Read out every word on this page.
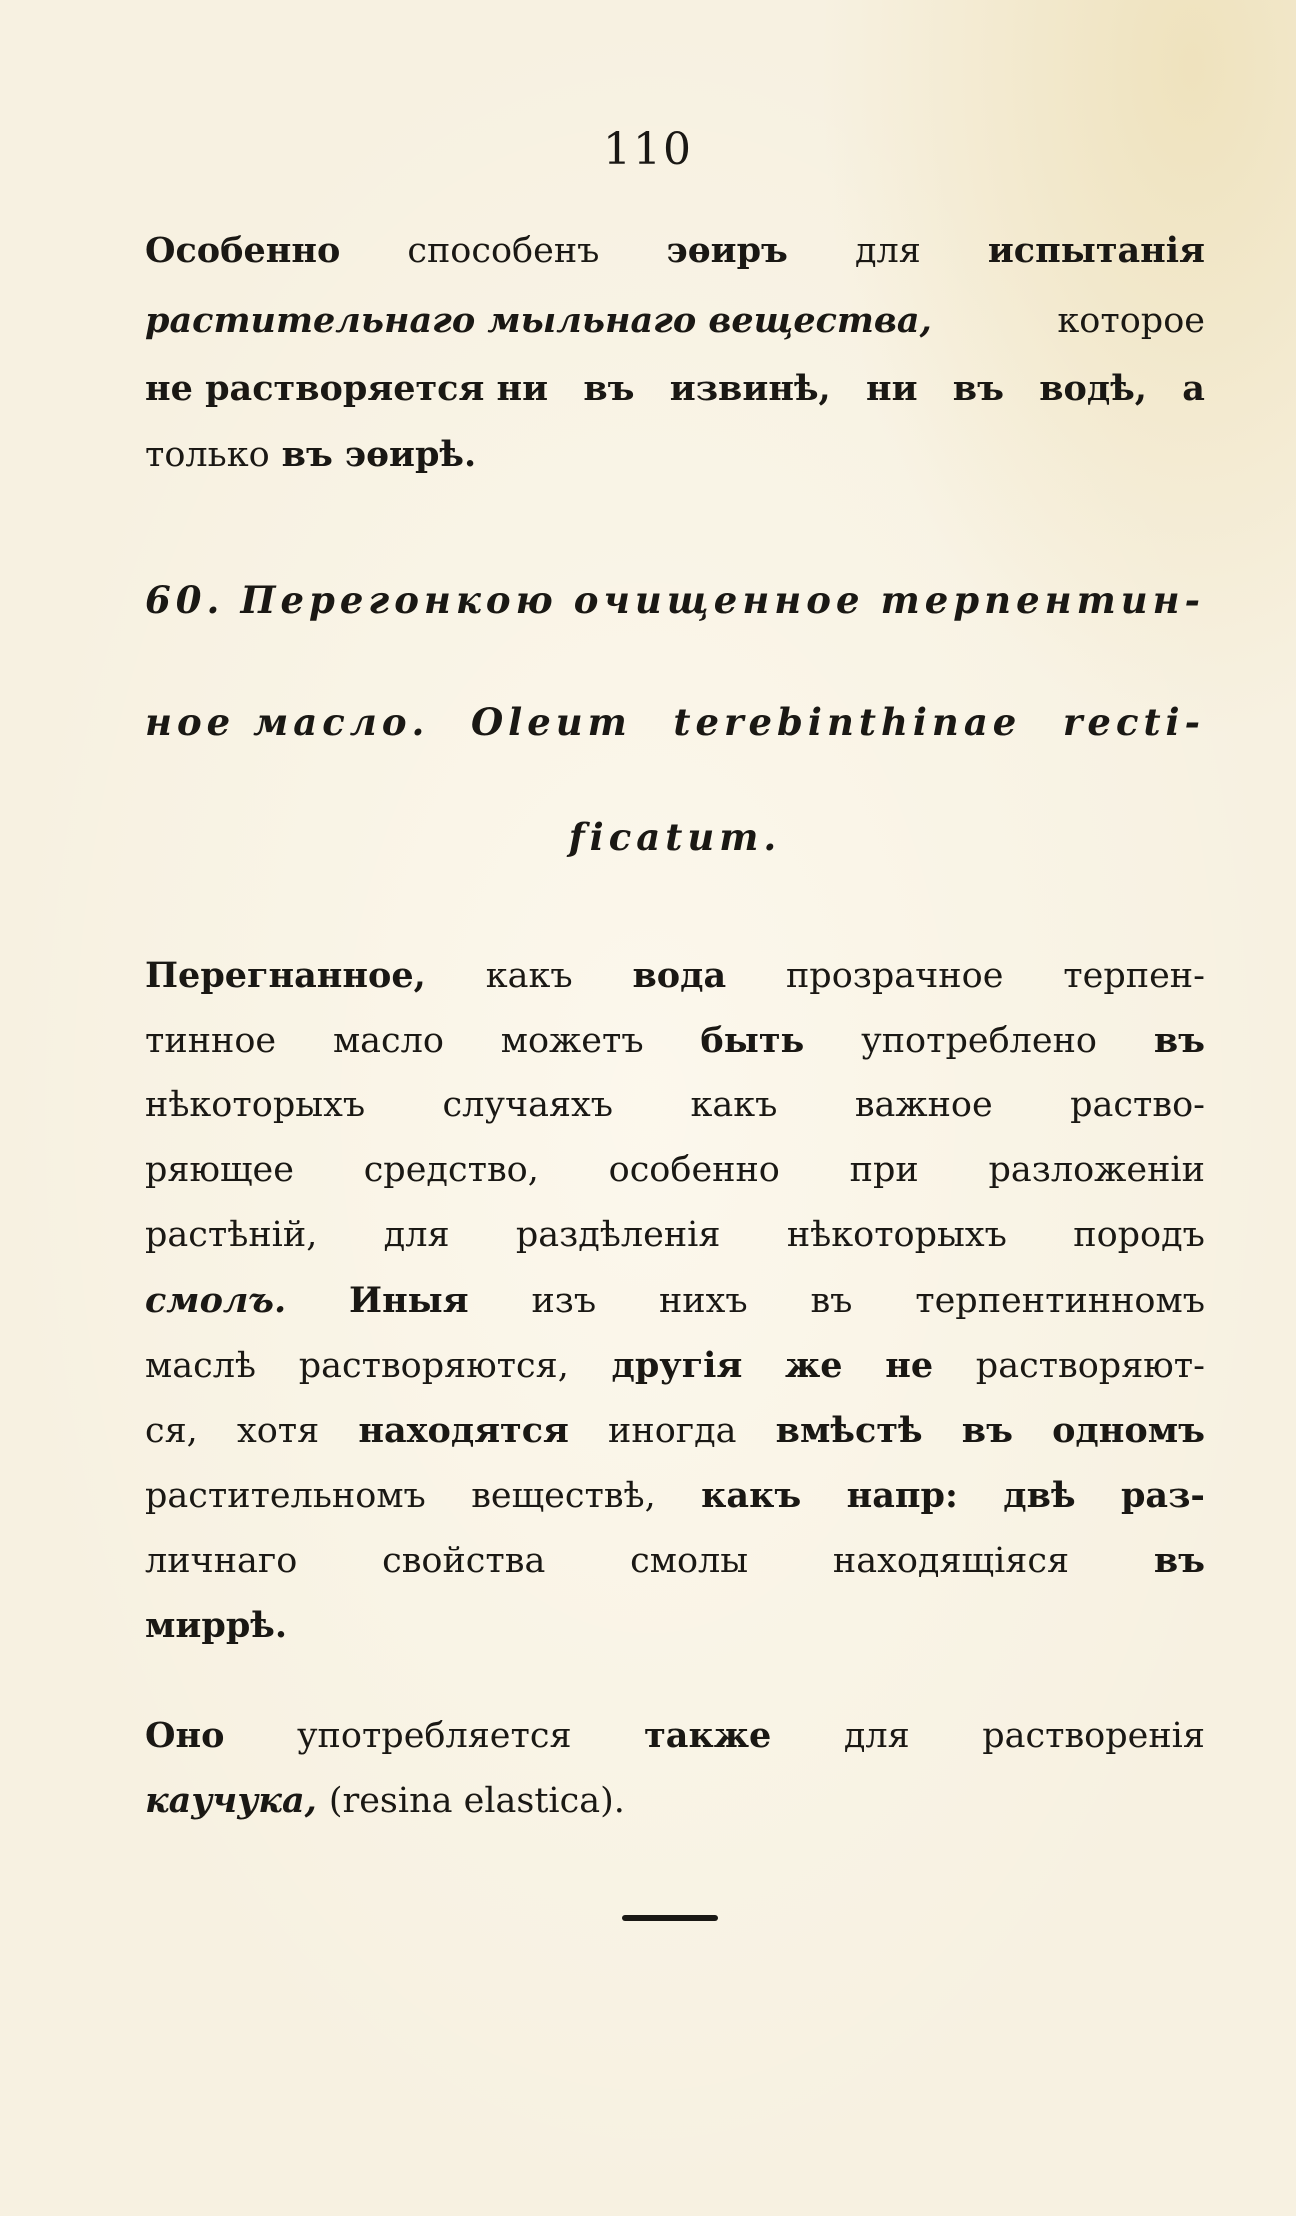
110
Особенно способенъ эѳиръ для испытанія
растительнаго мыльнаго вещества,	которое
не растворяется ни въ извинѣ, ни въ водѣ, а
только въ эѳирѣ.
60. Перегонкою очищенное терпентин-
ное масло. Oleum terebinthinae recti-
ficatum.
Перегнанное, какъ вода прозрачное терпен-
тинное масло можетъ быть употреблено въ
нѣкоторыхъ случаяхъ какъ важное раство-
ряющее средство, особенно при разложеніи
растѣній, для раздѣленія нѣкоторыхъ породъ
смолъ. Иныя изъ нихъ въ терпентинномъ
маслѣ растворяются, другія же не растворяют-
ся, хотя находятся иногда вмѣстѣ въ одномъ
растительномъ веществѣ, какъ напр: двѣ раз-
личнаго свойства смолы находящіяся въ
миррѣ.
Оно употребляется также для растворенія
каучука, (resina elastica).
